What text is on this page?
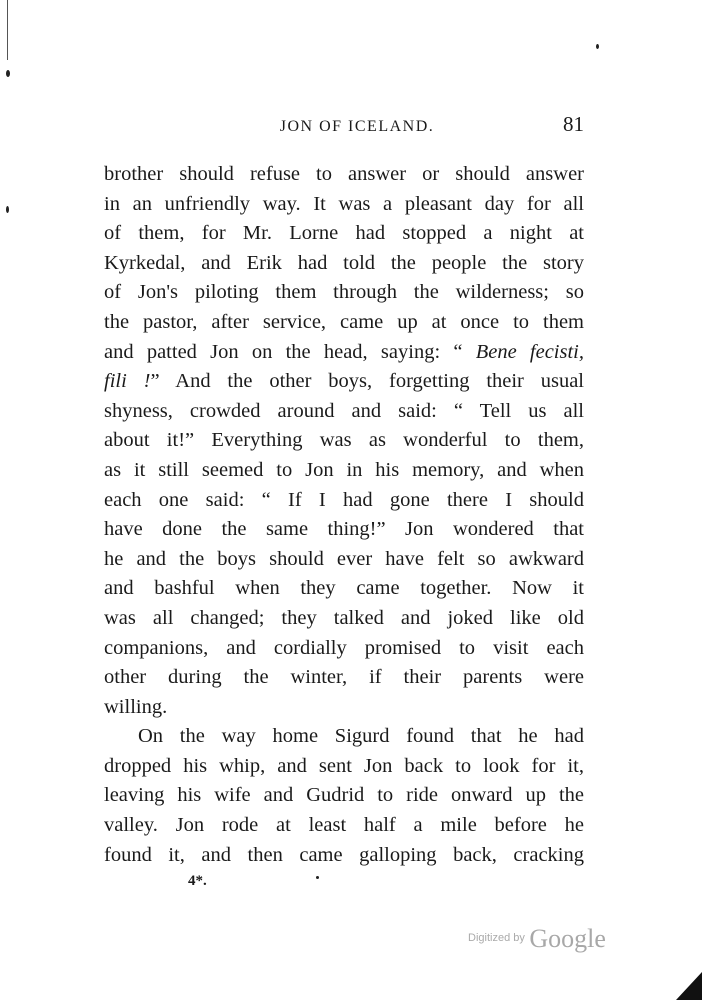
JON OF ICELAND.	81
brother should refuse to answer or should answer
in an unfriendly way. It was a pleasant day for all
of them, for Mr. Lorne had stopped a night at
Kyrkedal, and Erik had told the people the story
of Jon's piloting them through the wilderness; so
the pastor, after service, came up at once to them
and patted Jon on the head, saying: “ Bene fecisti,
fili !” And the other boys, forgetting their usual
shyness, crowded around and said: “ Tell us all
about it!” Everything was as wonderful to them,
as it still seemed to Jon in his memory, and when
each one said: “ If I had gone there I should
have done the same thing!” Jon wondered that
he and the boys should ever have felt so awkward
and bashful when they came together. Now it
was all changed; they talked and joked like old
companions, and cordially promised to visit each
other during the winter, if their parents were
willing.
On the way home Sigurd found that he had
dropped his whip, and sent Jon back to look for it,
leaving his wife and Gudrid to ride onward up the
valley. Jon rode at least half a mile before he
found it, and then came galloping back, cracking
4*.
$^{Digitized by}$ Google
